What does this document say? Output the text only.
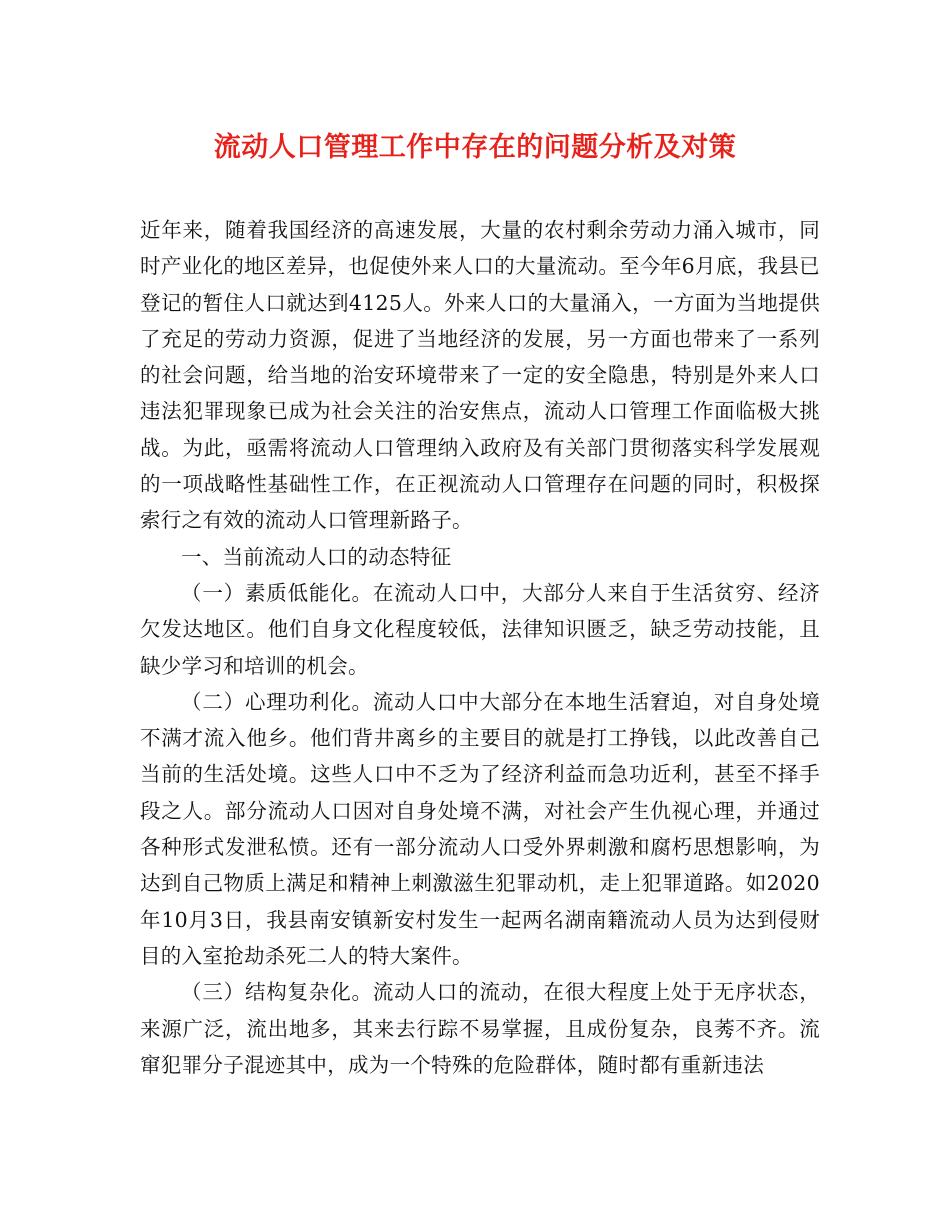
流动人口管理工作中存在的问题分析及对策

近年来，随着我国经济的高速发展，大量的农村剩余劳动力涌入城市，同时产业化的地区差异，也促使外来人口的大量流动。至今年6月底，我县已登记的暂住人口就达到4125人。外来人口的大量涌入，一方面为当地提供了充足的劳动力资源，促进了当地经济的发展，另一方面也带来了一系列的社会问题，给当地的治安环境带来了一定的安全隐患，特别是外来人口违法犯罪现象已成为社会关注的治安焦点，流动人口管理工作面临极大挑战。为此，亟需将流动人口管理纳入政府及有关部门贯彻落实科学发展观的一项战略性基础性工作，在正视流动人口管理存在问题的同时，积极探索行之有效的流动人口管理新路子。

一、当前流动人口的动态特征

（一）素质低能化。在流动人口中，大部分人来自于生活贫穷、经济欠发达地区。他们自身文化程度较低，法律知识匮乏，缺乏劳动技能，且缺少学习和培训的机会。

（二）心理功利化。流动人口中大部分在本地生活窘迫，对自身处境不满才流入他乡。他们背井离乡的主要目的就是打工挣钱，以此改善自己当前的生活处境。这些人口中不乏为了经济利益而急功近利，甚至不择手段之人。部分流动人口因对自身处境不满，对社会产生仇视心理，并通过各种形式发泄私愤。还有一部分流动人口受外界刺激和腐朽思想影响，为达到自己物质上满足和精神上刺激滋生犯罪动机，走上犯罪道路。如2020年10月3日，我县南安镇新安村发生一起两名湖南籍流动人员为达到侵财目的入室抢劫杀死二人的特大案件。

（三）结构复杂化。流动人口的流动，在很大程度上处于无序状态，来源广泛，流出地多，其来去行踪不易掌握，且成份复杂，良莠不齐。流窜犯罪分子混迹其中，成为一个特殊的危险群体，随时都有重新违法
